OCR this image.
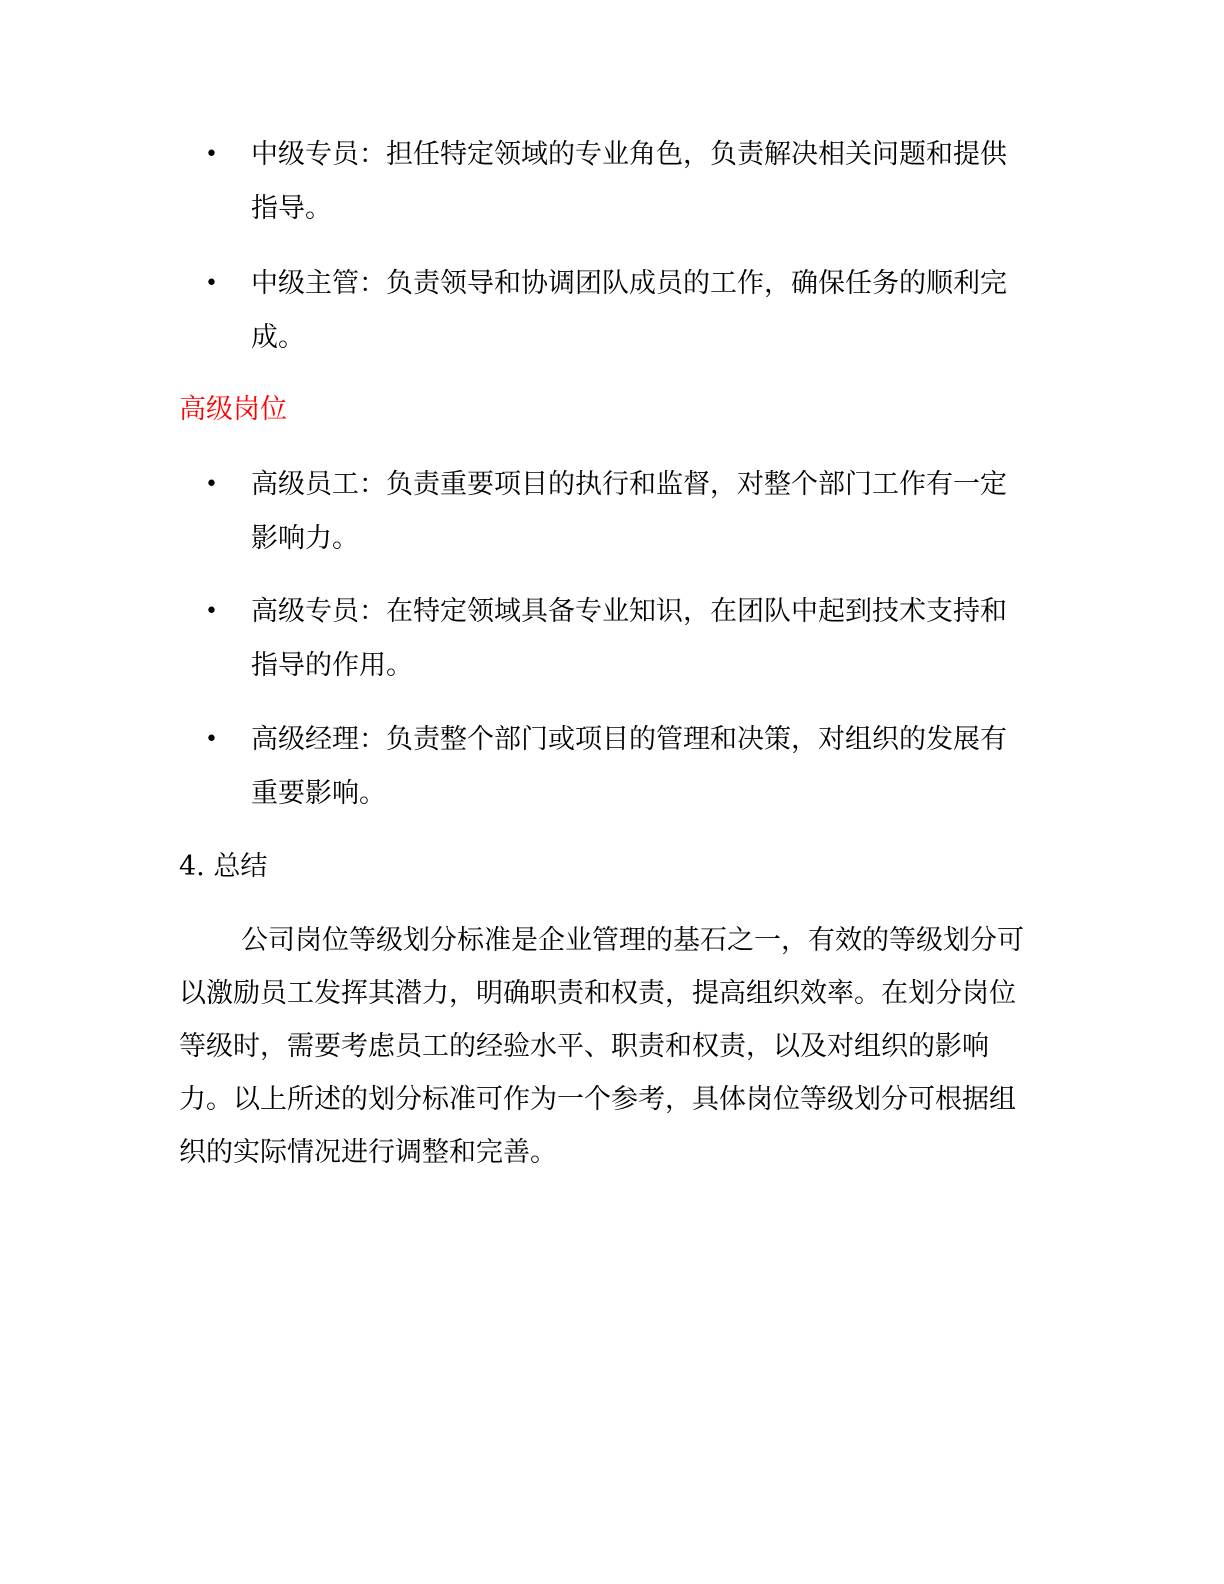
• 中级专员：担任特定领域的专业角色，负责解决相关问题和提供指导。
• 中级主管：负责领导和协调团队成员的工作，确保任务的顺利完成。
高级岗位
• 高级员工：负责重要项目的执行和监督，对整个部门工作有一定影响力。
• 高级专员：在特定领域具备专业知识，在团队中起到技术支持和指导的作用。
• 高级经理：负责整个部门或项目的管理和决策，对组织的发展有重要影响。
4. 总结

公司岗位等级划分标准是企业管理的基石之一，有效的等级划分可以激励员工发挥其潜力，明确职责和权责，提高组织效率。在划分岗位等级时，需要考虑员工的经验水平、职责和权责，以及对组织的影响力。以上所述的划分标准可作为一个参考，具体岗位等级划分可根据组织的实际情况进行调整和完善。
